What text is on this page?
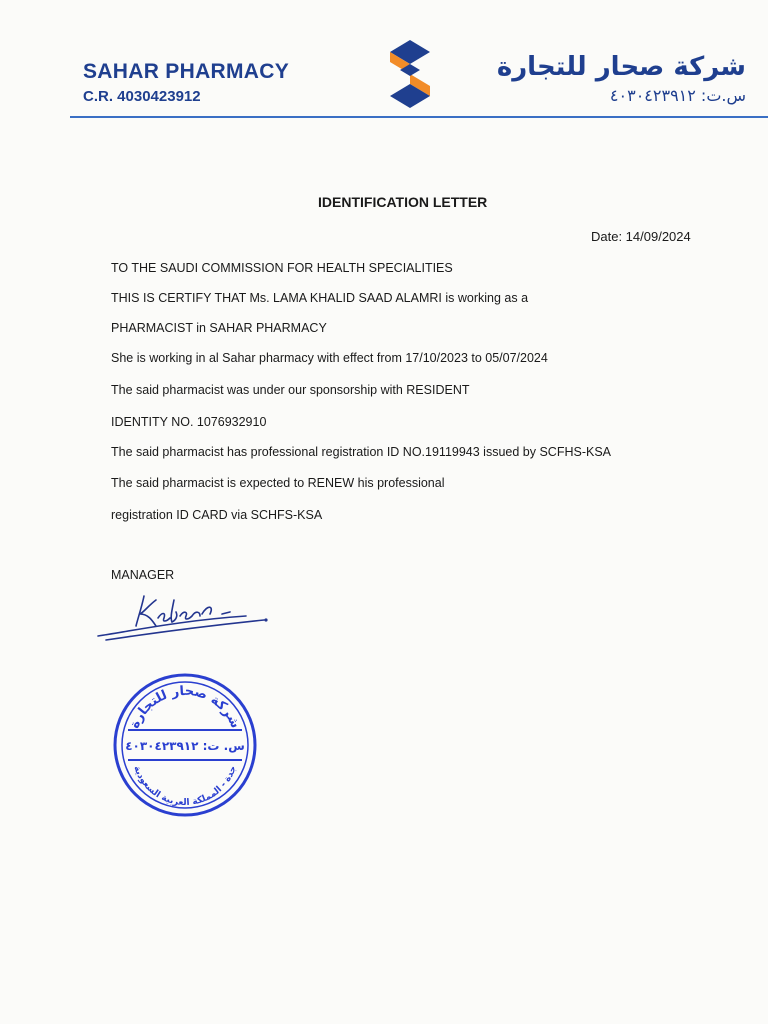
SAHAR PHARMACY
C.R. 4030423912
شركة صحار للتجارة
س.ت: ٤٠٣٠٤٢٣٩١٢
IDENTIFICATION LETTER
Date: 14/09/2024
TO THE SAUDI COMMISSION FOR HEALTH SPECIALITIES
THIS IS CERTIFY THAT Ms. LAMA KHALID SAAD ALAMRI is working as a
PHARMACIST in SAHAR PHARMACY
She is working in al Sahar pharmacy with effect from 17/10/2023 to 05/07/2024
The said pharmacist was under our sponsorship with RESIDENT
IDENTITY NO. 1076932910
The said pharmacist has professional registration ID NO.19119943 issued by SCFHS-KSA
The said pharmacist is expected to RENEW his professional
registration ID CARD via SCHFS-KSA
MANAGER
شركة صحار للتجارة
س. ت: ٤٠٣٠٤٢٣٩١٢
جدة - المملكة العربية السعودية
